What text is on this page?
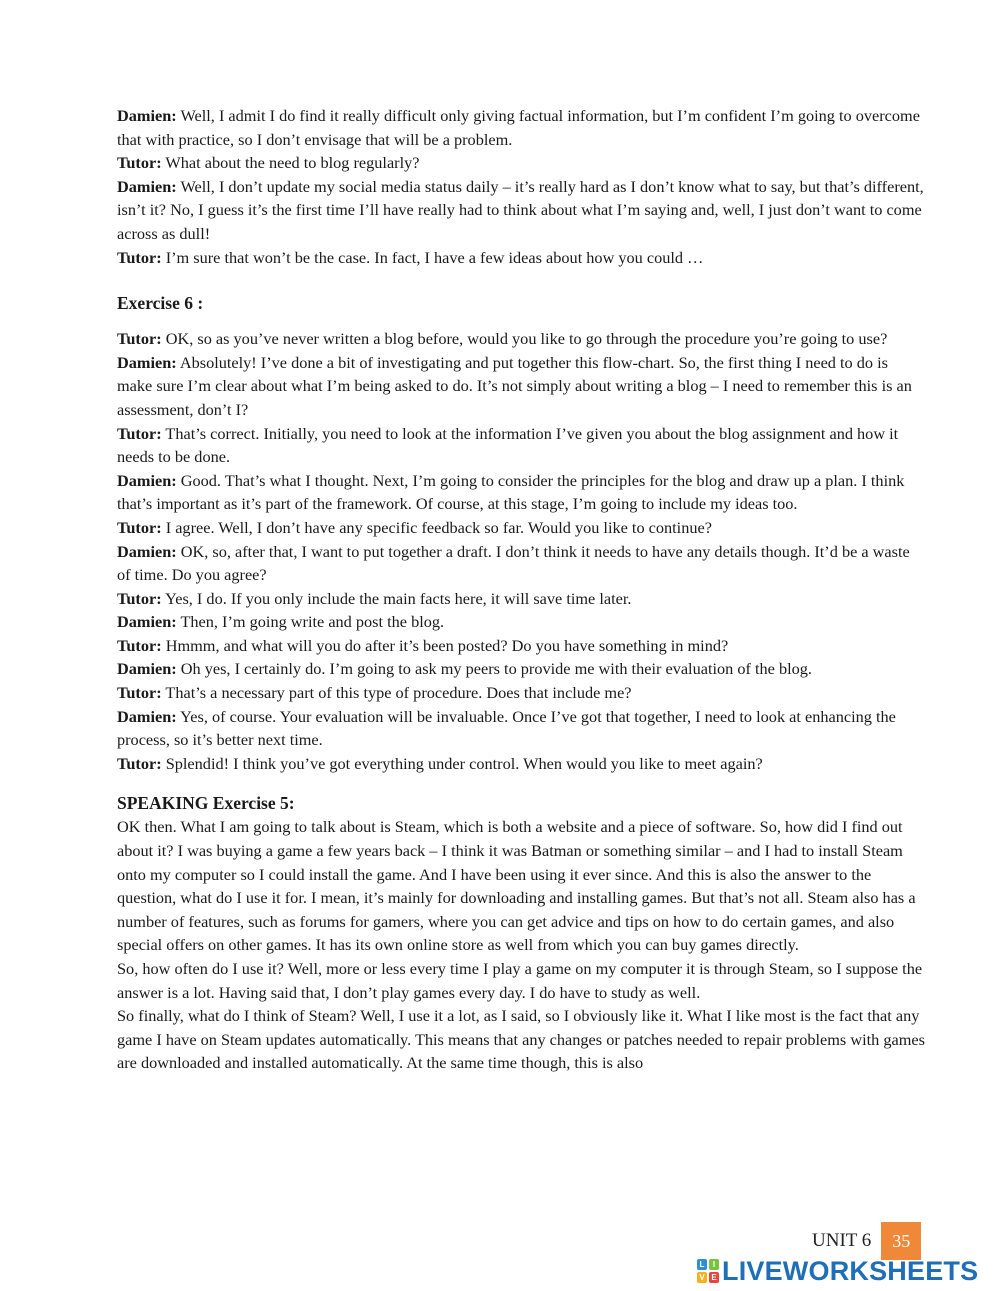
Damien: Well, I admit I do find it really difficult only giving factual information, but I’m confident I’m going to overcome that with practice, so I don’t envisage that will be a problem.

Tutor: What about the need to blog regularly?

Damien: Well, I don’t update my social media status daily – it’s really hard as I don’t know what to say, but that’s different, isn’t it? No, I guess it’s the first time I’ll have really had to think about what I’m saying and, well, I just don’t want to come across as dull!

Tutor: I’m sure that won’t be the case. In fact, I have a few ideas about how you could …

Exercise 6 :

Tutor: OK, so as you’ve never written a blog before, would you like to go through the procedure you’re going to use?

Damien: Absolutely! I’ve done a bit of investigating and put together this flow-chart. So, the first thing I need to do is make sure I’m clear about what I’m being asked to do. It’s not simply about writing a blog – I need to remember this is an assessment, don’t I?

Tutor: That’s correct. Initially, you need to look at the information I’ve given you about the blog assignment and how it needs to be done.

Damien: Good. That’s what I thought. Next, I’m going to consider the principles for the blog and draw up a plan. I think that’s important as it’s part of the framework. Of course, at this stage, I’m going to include my ideas too.

Tutor: I agree. Well, I don’t have any specific feedback so far. Would you like to continue?

Damien: OK, so, after that, I want to put together a draft. I don’t think it needs to have any details though. It’d be a waste of time. Do you agree?

Tutor: Yes, I do. If you only include the main facts here, it will save time later.

Damien: Then, I’m going write and post the blog.

Tutor: Hmmm, and what will you do after it’s been posted? Do you have something in mind?

Damien: Oh yes, I certainly do. I’m going to ask my peers to provide me with their evaluation of the blog.

Tutor: That’s a necessary part of this type of procedure. Does that include me?

Damien: Yes, of course. Your evaluation will be invaluable. Once I’ve got that together, I need to look at enhancing the process, so it’s better next time.

Tutor: Splendid! I think you’ve got everything under control. When would you like to meet again?

SPEAKING Exercise 5:

OK then. What I am going to talk about is Steam, which is both a website and a piece of software. So, how did I find out about it? I was buying a game a few years back – I think it was Batman or something similar – and I had to install Steam onto my computer so I could install the game. And I have been using it ever since. And this is also the answer to the question, what do I use it for. I mean, it’s mainly for downloading and installing games. But that’s not all. Steam also has a number of features, such as forums for gamers, where you can get advice and tips on how to do certain games, and also special offers on other games. It has its own online store as well from which you can buy games directly.

So, how often do I use it? Well, more or less every time I play a game on my computer it is through Steam, so I suppose the answer is a lot. Having said that, I don’t play games every day. I do have to study as well.

So finally, what do I think of Steam? Well, I use it a lot, as I said, so I obviously like it. What I like most is the fact that any game I have on Steam updates automatically. This means that any changes or patches needed to repair problems with games are downloaded and installed automatically. At the same time though, this is also

UNIT 6	35
L	I
V E LIVEWORKSHEETS
